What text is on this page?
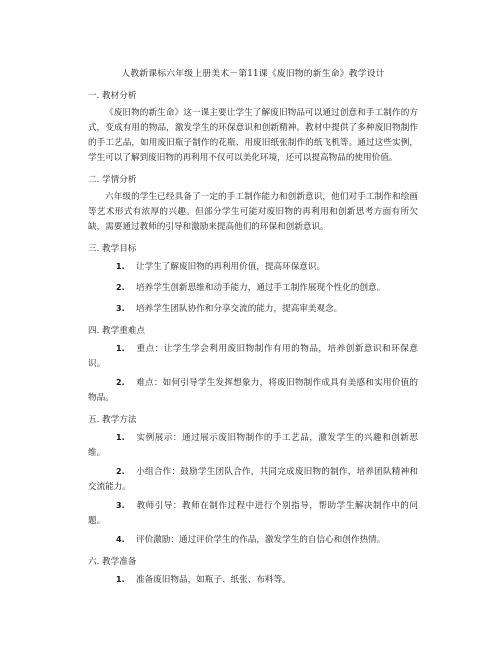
人教新课标六年级上册美术－第11课《废旧物的新生命》教学设计
一. 教材分析

《废旧物的新生命》这一课主要让学生了解废旧物品可以通过创意和手工制作的方式，变成有用的物品，激发学生的环保意识和创新精神。教材中提供了多种废旧物制作的手工艺品，如用废旧瓶子制作的花瓶、用废旧纸张制作的纸飞机等。通过这些实例，学生可以了解到废旧物的再利用不仅可以美化环境，还可以提高物品的使用价值。

二. 学情分析

六年级的学生已经具备了一定的手工制作能力和创新意识，他们对手工制作和绘画等艺术形式有浓厚的兴趣。但部分学生可能对废旧物的再利用和创新思考方面有所欠缺，需要通过教师的引导和激励来提高他们的环保和创新意识。

三. 教学目标

1. 让学生了解废旧物的再利用价值，提高环保意识。

2. 培养学生创新思维和动手能力，通过手工制作展现个性化的创意。

3. 培养学生团队协作和分享交流的能力，提高审美观念。

四. 教学重难点

1. 重点：让学生学会利用废旧物制作有用的物品，培养创新意识和环保意识。

2. 难点：如何引导学生发挥想象力，将废旧物制作成具有美感和实用价值的物品。

五. 教学方法

1. 实例展示：通过展示废旧物制作的手工艺品，激发学生的兴趣和创新思维。

2. 小组合作：鼓励学生团队合作，共同完成废旧物的制作，培养团队精神和交流能力。

3. 教师引导：教师在制作过程中进行个别指导，帮助学生解决制作中的问题。

4. 评价激励：通过评价学生的作品，激发学生的自信心和创作热情。

六. 教学准备

1. 准备废旧物品，如瓶子、纸张、布料等。
